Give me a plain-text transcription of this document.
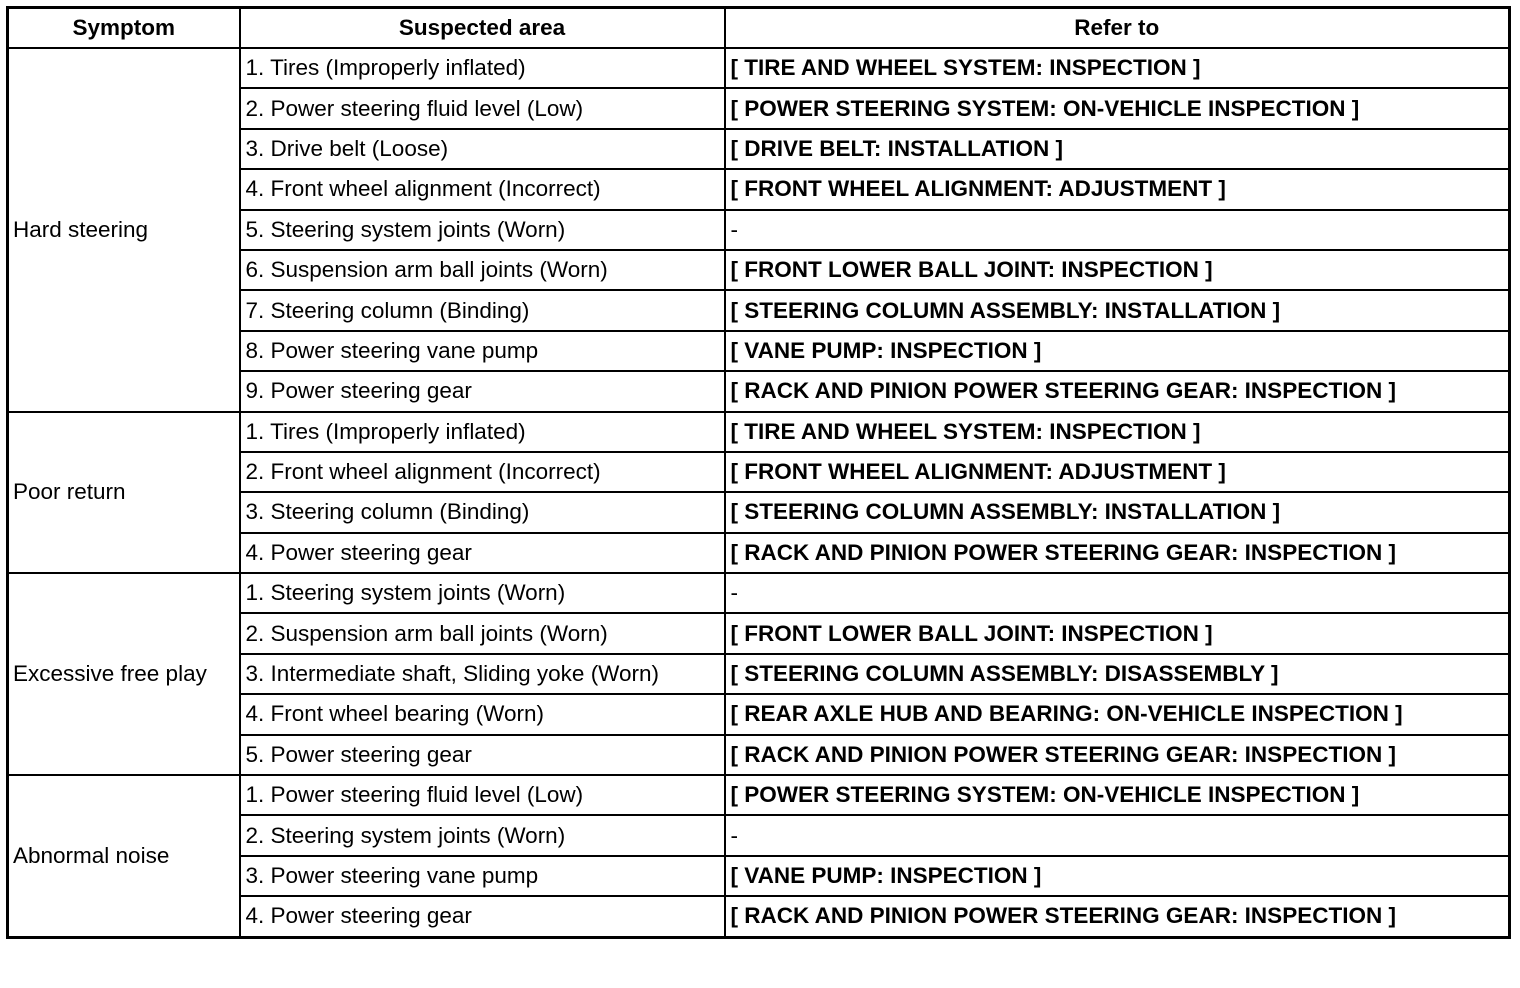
Symptom	Suspected area	Refer to
Hard steering	1. Tires (Improperly inflated)	[ TIRE AND WHEEL SYSTEM: INSPECTION ]
	2. Power steering fluid level (Low)	[ POWER STEERING SYSTEM: ON-VEHICLE INSPECTION ]
	3. Drive belt (Loose)	[ DRIVE BELT: INSTALLATION ]
	4. Front wheel alignment (Incorrect)	[ FRONT WHEEL ALIGNMENT: ADJUSTMENT ]
	5. Steering system joints (Worn)	-
	6. Suspension arm ball joints (Worn)	[ FRONT LOWER BALL JOINT: INSPECTION ]
	7. Steering column (Binding)	[ STEERING COLUMN ASSEMBLY: INSTALLATION ]
	8. Power steering vane pump	[ VANE PUMP: INSPECTION ]
	9. Power steering gear	[ RACK AND PINION POWER STEERING GEAR: INSPECTION ]
Poor return	1. Tires (Improperly inflated)	[ TIRE AND WHEEL SYSTEM: INSPECTION ]
	2. Front wheel alignment (Incorrect)	[ FRONT WHEEL ALIGNMENT: ADJUSTMENT ]
	3. Steering column (Binding)	[ STEERING COLUMN ASSEMBLY: INSTALLATION ]
	4. Power steering gear	[ RACK AND PINION POWER STEERING GEAR: INSPECTION ]
Excessive free play	1. Steering system joints (Worn)	-
	2. Suspension arm ball joints (Worn)	[ FRONT LOWER BALL JOINT: INSPECTION ]
	3. Intermediate shaft, Sliding yoke (Worn)	[ STEERING COLUMN ASSEMBLY: DISASSEMBLY ]
	4. Front wheel bearing (Worn)	[ REAR AXLE HUB AND BEARING: ON-VEHICLE INSPECTION ]
	5. Power steering gear	[ RACK AND PINION POWER STEERING GEAR: INSPECTION ]
Abnormal noise	1. Power steering fluid level (Low)	[ POWER STEERING SYSTEM: ON-VEHICLE INSPECTION ]
	2. Steering system joints (Worn)	-
	3. Power steering vane pump	[ VANE PUMP: INSPECTION ]
	4. Power steering gear	[ RACK AND PINION POWER STEERING GEAR: INSPECTION ]
